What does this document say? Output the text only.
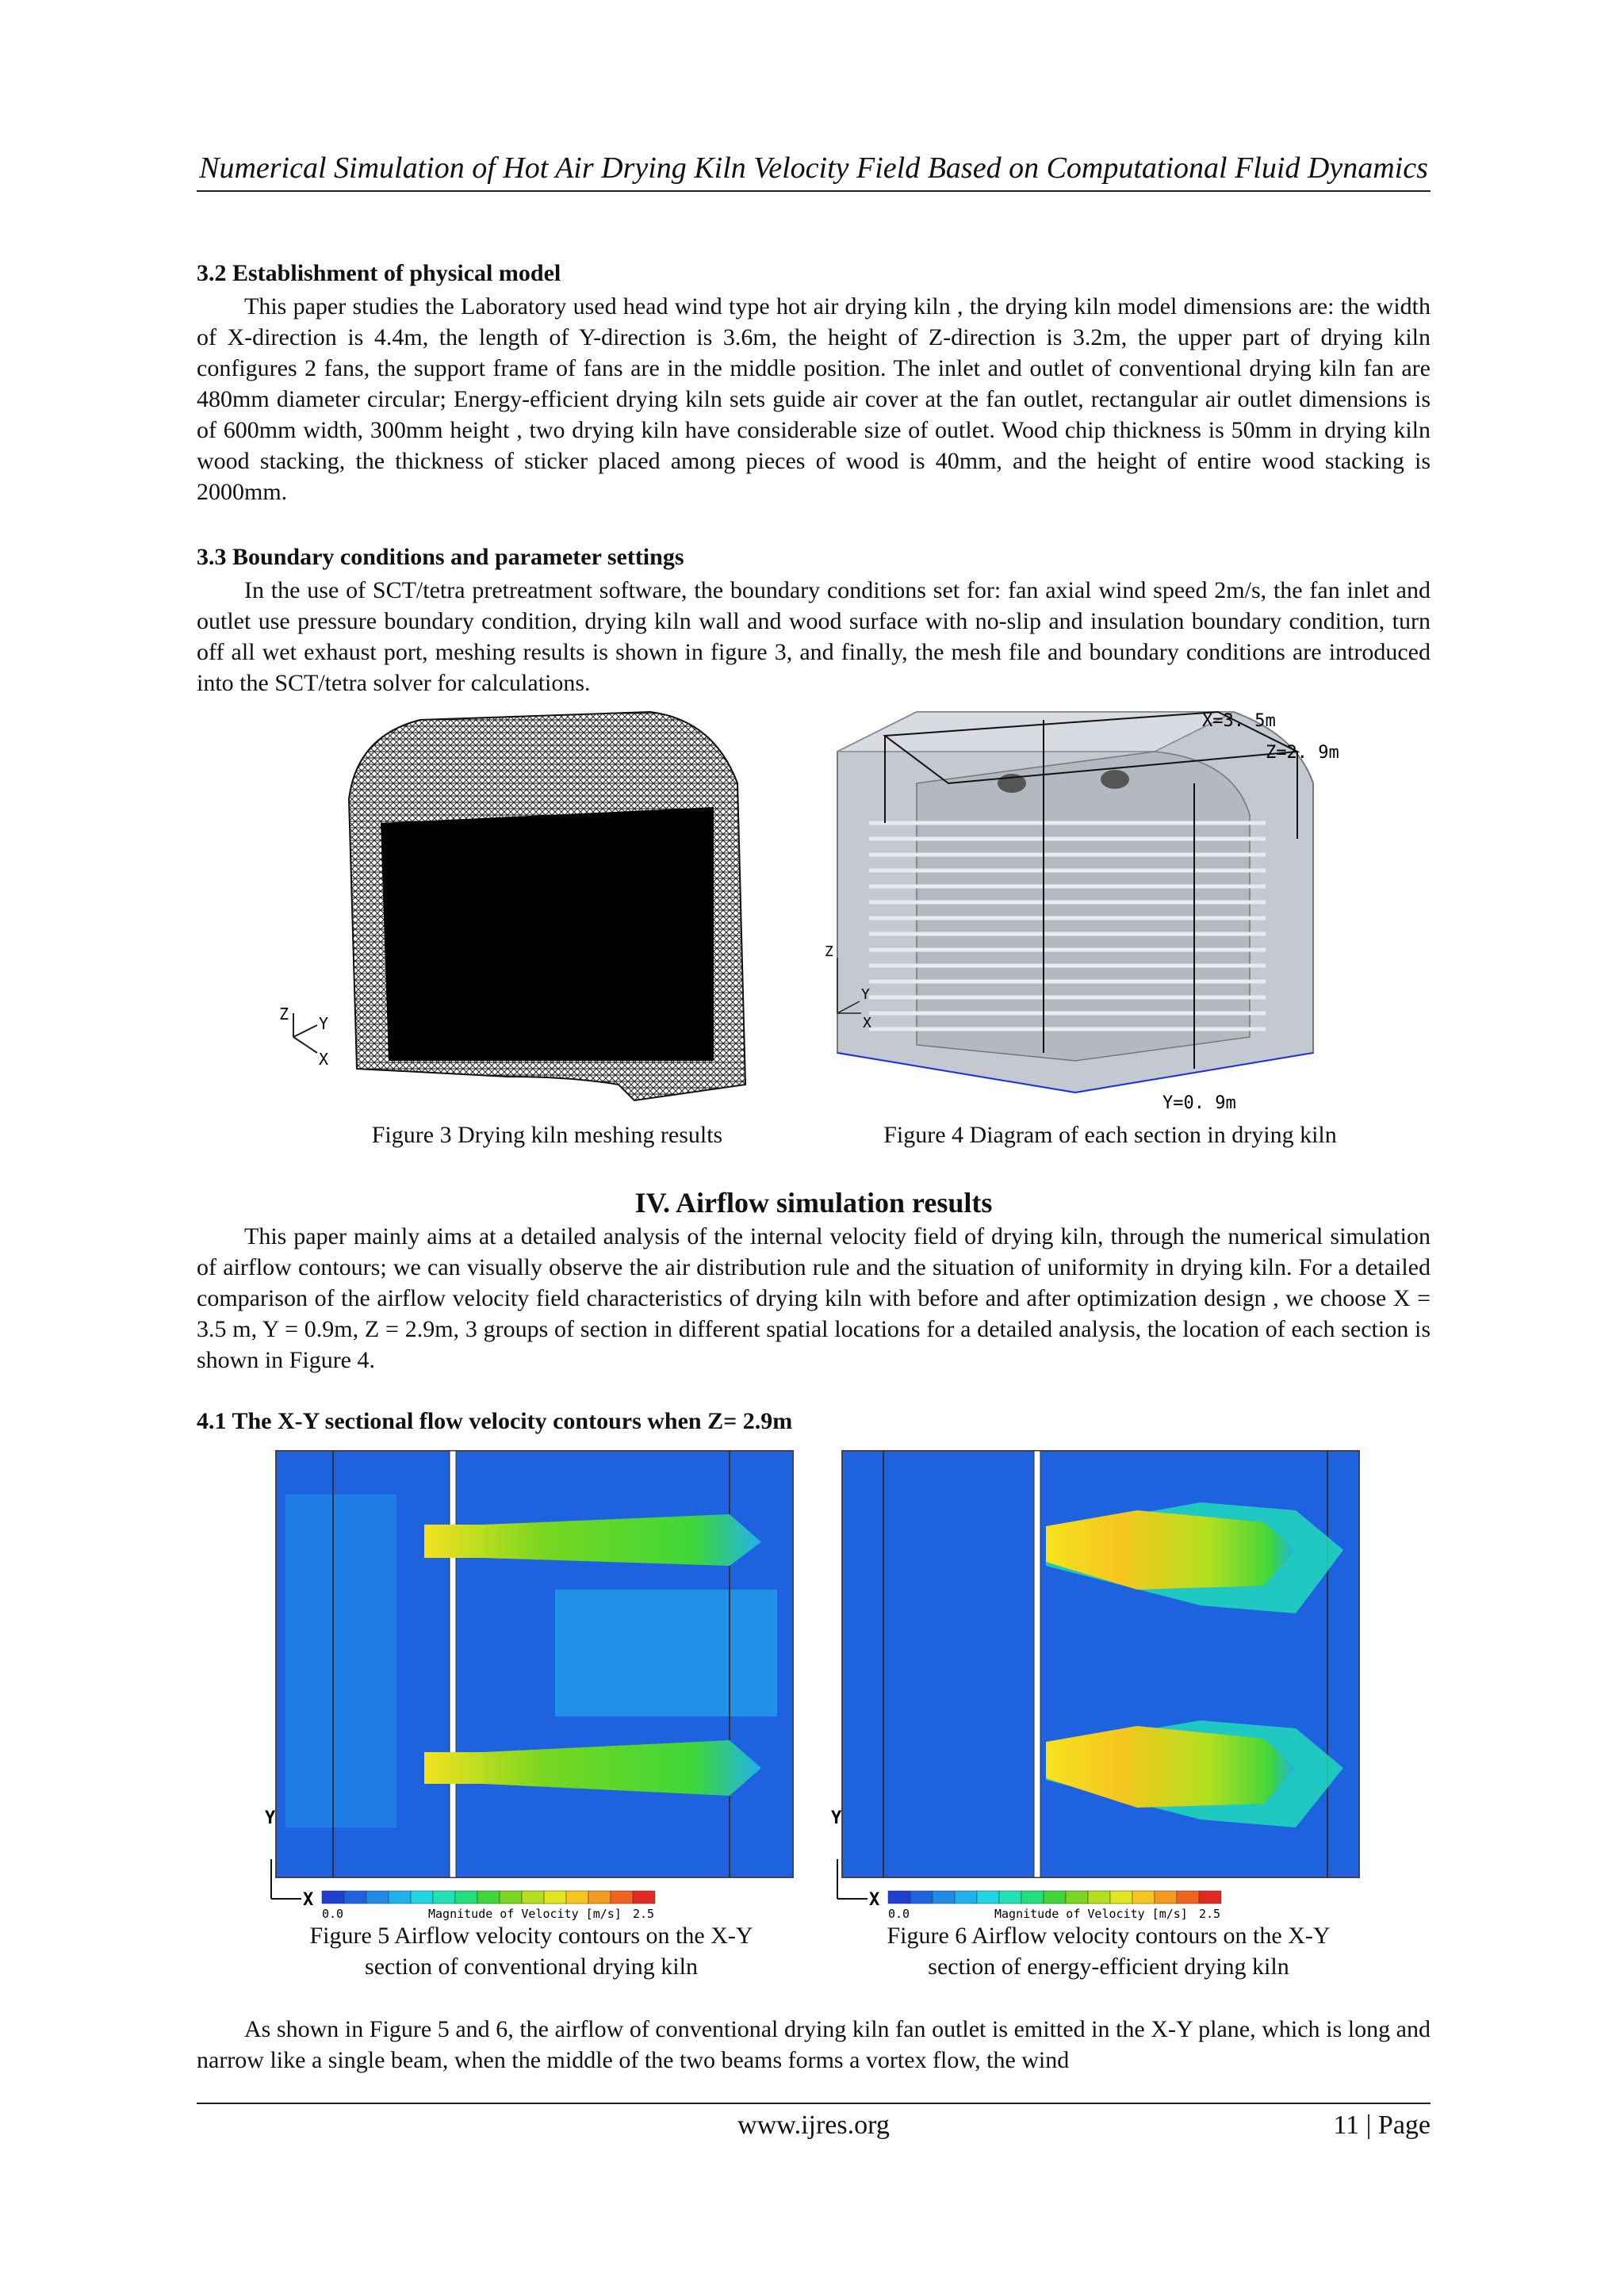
Numerical Simulation of Hot Air Drying Kiln Velocity Field Based on Computational Fluid Dynamics
3.2 Establishment of physical model
This paper studies the Laboratory used head wind type hot air drying kiln , the drying kiln model dimensions are: the width of X-direction is 4.4m, the length of Y-direction is 3.6m, the height of Z-direction is 3.2m, the upper part of drying kiln configures 2 fans, the support frame of fans are in the middle position. The inlet and outlet of conventional drying kiln fan are 480mm diameter circular; Energy-efficient drying kiln sets guide air cover at the fan outlet, rectangular air outlet dimensions is of 600mm width, 300mm height , two drying kiln have considerable size of outlet. Wood chip thickness is 50mm in drying kiln wood stacking, the thickness of sticker placed among pieces of wood is 40mm, and the height of entire wood stacking is 2000mm.
3.3 Boundary conditions and parameter settings
In the use of SCT/tetra pretreatment software, the boundary conditions set for: fan axial wind speed 2m/s, the fan inlet and outlet use pressure boundary condition, drying kiln wall and wood surface with no-slip and insulation boundary condition, turn off all wet exhaust port, meshing results is shown in figure 3, and finally, the mesh file and boundary conditions are introduced into the SCT/tetra solver for calculations.
Z Y
X
Figure 3 Drying kiln meshing results
X=3. 5m
Z=2. 9m
Y=0. 9m
Z
Y
X
Figure 4 Diagram of each section in drying kiln
IV. Airflow simulation results
This paper mainly aims at a detailed analysis of the internal velocity field of drying kiln, through the numerical simulation of airflow contours; we can visually observe the air distribution rule and the situation of uniformity in drying kiln. For a detailed comparison of the airflow velocity field characteristics of drying kiln with before and after optimization design , we choose X = 3.5 m, Y = 0.9m, Z = 2.9m, 3 groups of section in different spatial locations for a detailed analysis, the location of each section is shown in Figure 4.
4.1 The X-Y sectional flow velocity contours when Z= 2.9m
Y
X
0.0	Magnitude of Velocity [m/s] 2.5
Figure 5 Airflow velocity contours on the X-Y
section of conventional drying kiln
Y
X
0.0	Magnitude of Velocity [m/s] 2.5
Figure 6 Airflow velocity contours on the X-Y
section of energy-efficient drying kiln
As shown in Figure 5 and 6, the airflow of conventional drying kiln fan outlet is emitted in the X-Y plane, which is long and narrow like a single beam, when the middle of the two beams forms a vortex flow, the wind
www.ijres.org	11 | Page
